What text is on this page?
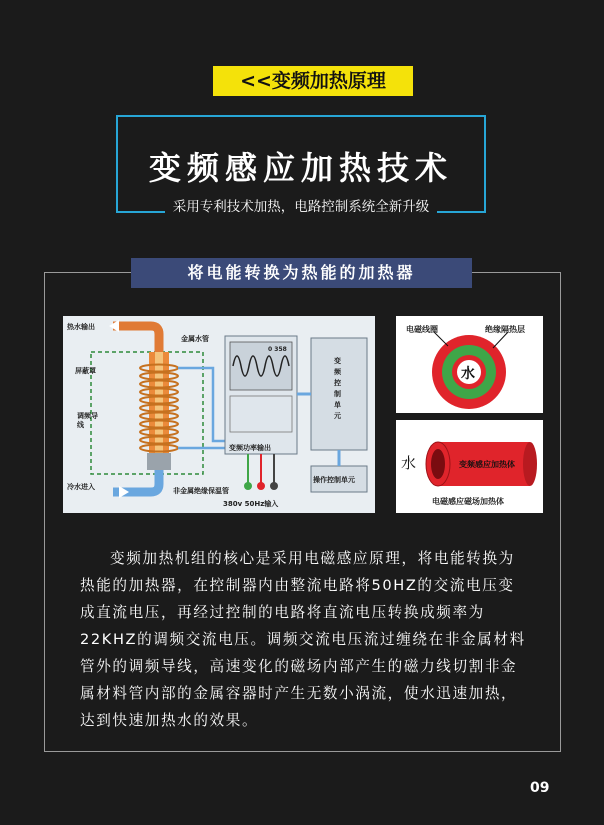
<<变频加热原理
变频感应加热技术
采用专利技术加热，电路控制系统全新升级
将电能转换为热能的加热器
热水输出
金属水管
屏蔽罩
调频导线
冷水进入	非金属绝缘保温管
变频功率输出
380v 50Hz输入
变频控制单元
操作控制单元
0 358
电磁线圈	绝缘隔热层
水
水	变频感应加热体
电磁感应磁场加热体
变频加热机组的核心是采用电磁感应原理，将电能转换为热能的加热器，在控制器内由整流电路将50HZ的交流电压变成直流电压，再经过控制的电路将直流电压转换成频率为22KHZ的调频交流电压。调频交流电压流过缠绕在非金属材料管外的调频导线，高速变化的磁场内部产生的磁力线切割非金属材料管内部的金属容器时产生无数小涡流，使水迅速加热，达到快速加热水的效果。
09
